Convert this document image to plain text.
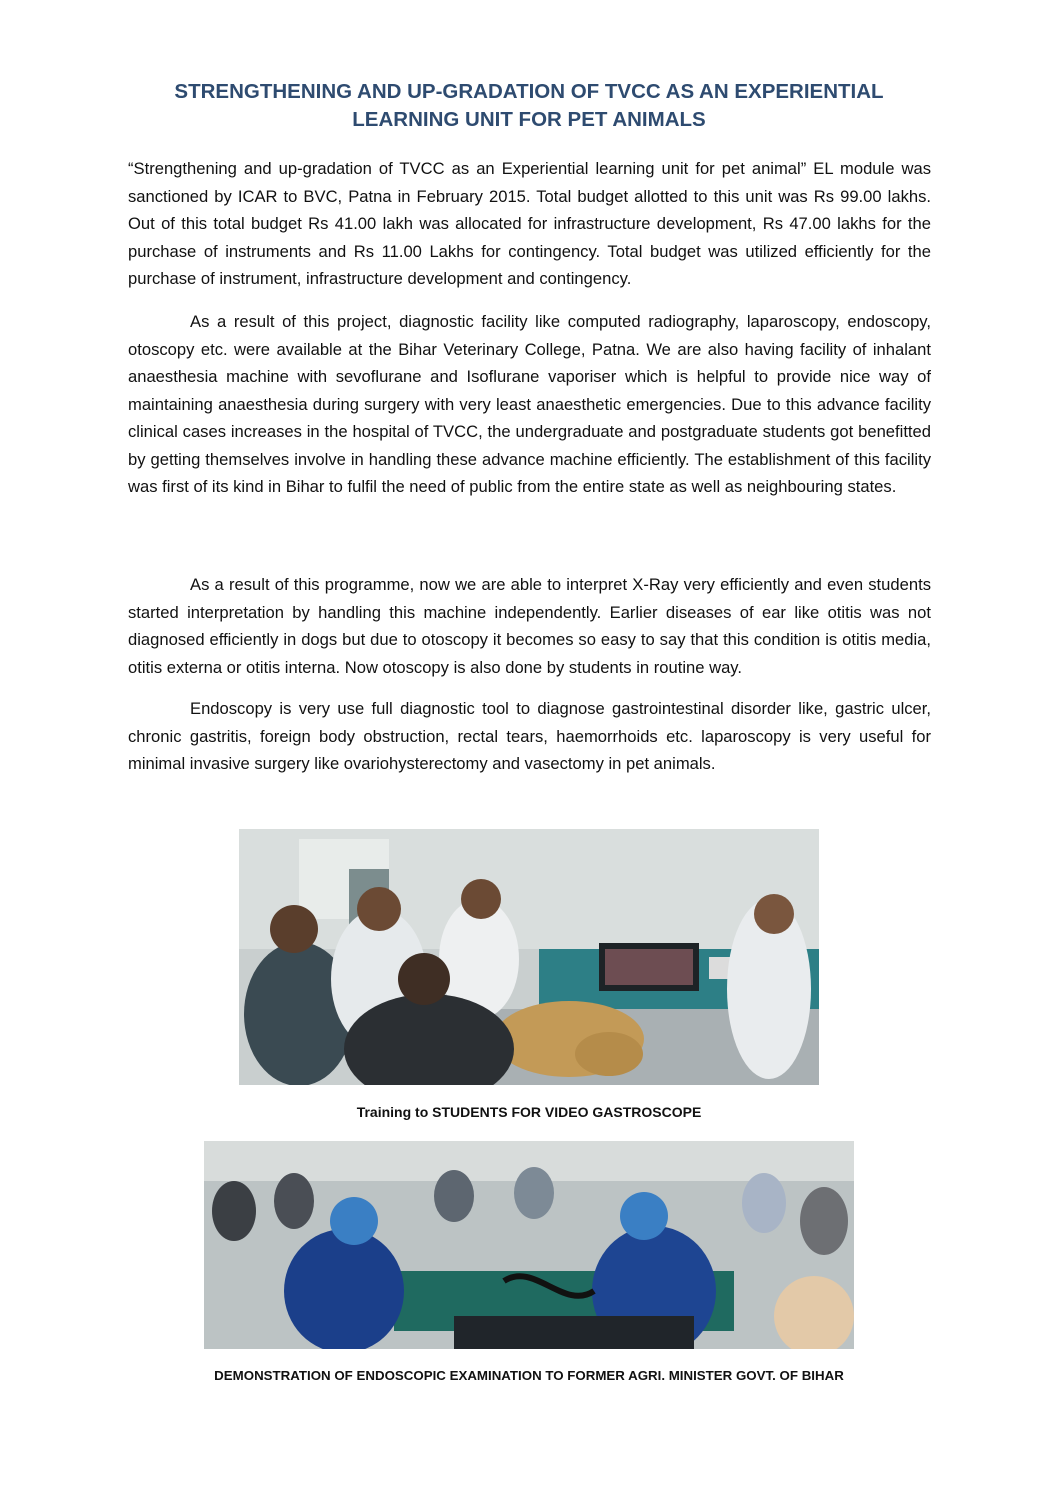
STRENGTHENING AND UP-GRADATION OF TVCC AS AN EXPERIENTIAL
LEARNING UNIT FOR PET ANIMALS

“Strengthening and up-gradation of TVCC as an Experiential learning unit for pet animal” EL module was sanctioned by ICAR to BVC, Patna in February 2015. Total budget allotted to this unit was Rs 99.00 lakhs. Out of this total budget Rs 41.00 lakh was allocated for infrastructure development, Rs 47.00 lakhs for the purchase of instruments and Rs 11.00 Lakhs for contingency. Total budget was utilized efficiently for the purchase of instrument, infrastructure development and contingency.

As a result of this project, diagnostic facility like computed radiography, laparoscopy, endoscopy, otoscopy etc. were available at the Bihar Veterinary College, Patna. We are also having facility of inhalant anaesthesia machine with sevoflurane and Isoflurane vaporiser which is helpful to provide nice way of maintaining anaesthesia during surgery with very least anaesthetic emergencies. Due to this advance facility clinical cases increases in the hospital of TVCC, the undergraduate and postgraduate students got benefitted by getting themselves involve in handling these advance machine efficiently. The establishment of this facility was first of its kind in Bihar to fulfil the need of public from the entire state as well as neighbouring states.

As a result of this programme, now we are able to interpret X-Ray very efficiently and even students started interpretation by handling this machine independently. Earlier diseases of ear like otitis was not diagnosed efficiently in dogs but due to otoscopy it becomes so easy to say that this condition is otitis media, otitis externa or otitis interna. Now otoscopy is also done by students in routine way.

Endoscopy is very use full diagnostic tool to diagnose gastrointestinal disorder like, gastric ulcer, chronic gastritis, foreign body obstruction, rectal tears, haemorrhoids etc. laparoscopy is very useful for minimal invasive surgery like ovariohysterectomy and vasectomy in pet animals.

Training to STUDENTS FOR VIDEO GASTROSCOPE

DEMONSTRATION OF ENDOSCOPIC EXAMINATION TO FORMER AGRI. MINISTER GOVT. OF BIHAR
